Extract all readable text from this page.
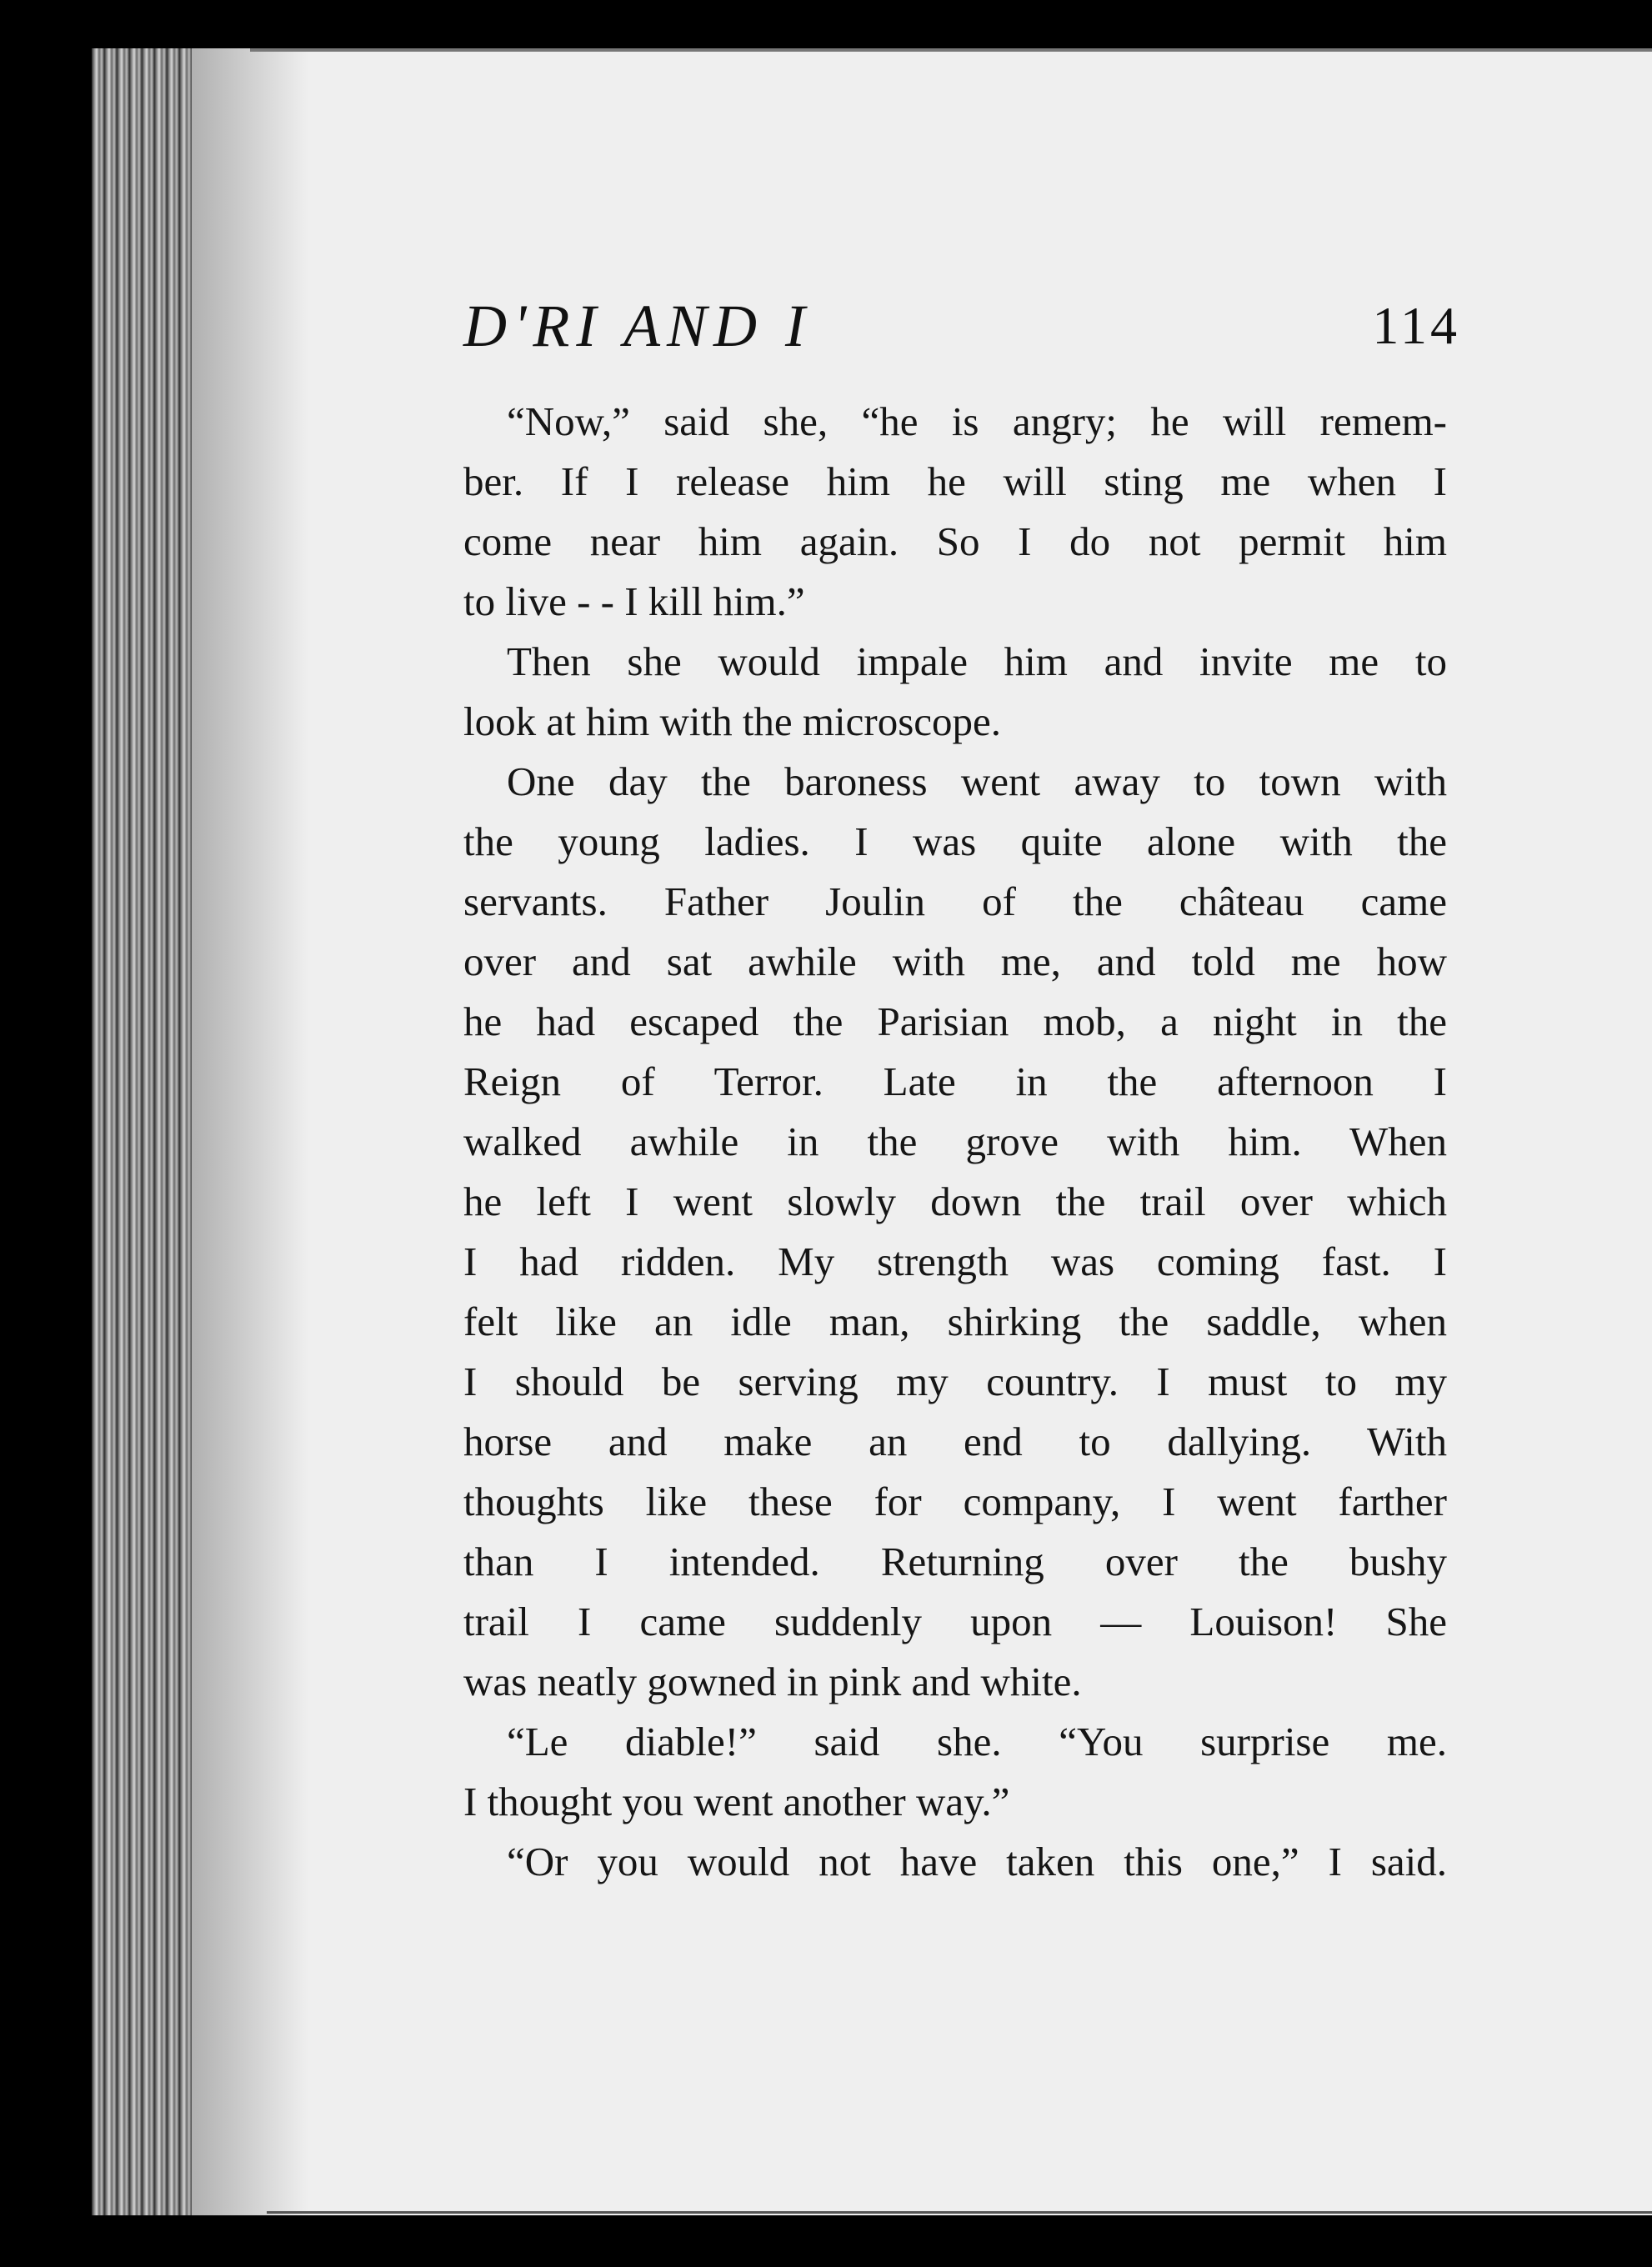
D'RI AND I	114
“Now,” said she, “he is angry; he will remem-
ber. If I release him he will sting me when I
come near him again. So I do not permit him
to live - - I kill him.”
Then she would impale him and invite me to
look at him with the microscope.
One day the baroness went away to town with
the young ladies. I was quite alone with the
servants. Father Joulin of the château came
over and sat awhile with me, and told me how
he had escaped the Parisian mob, a night in the
Reign of Terror. Late in the afternoon I
walked awhile in the grove with him. When
he left I went slowly down the trail over which
I had ridden. My strength was coming fast. I
felt like an idle man, shirking the saddle, when
I should be serving my country. I must to my
horse and make an end to dallying. With
thoughts like these for company, I went farther
than I intended. Returning over the bushy
trail I came suddenly upon — Louison! She
was neatly gowned in pink and white.
“Le diable!” said she. “You surprise me.
I thought you went another way.”
“Or you would not have taken this one,” I said.
